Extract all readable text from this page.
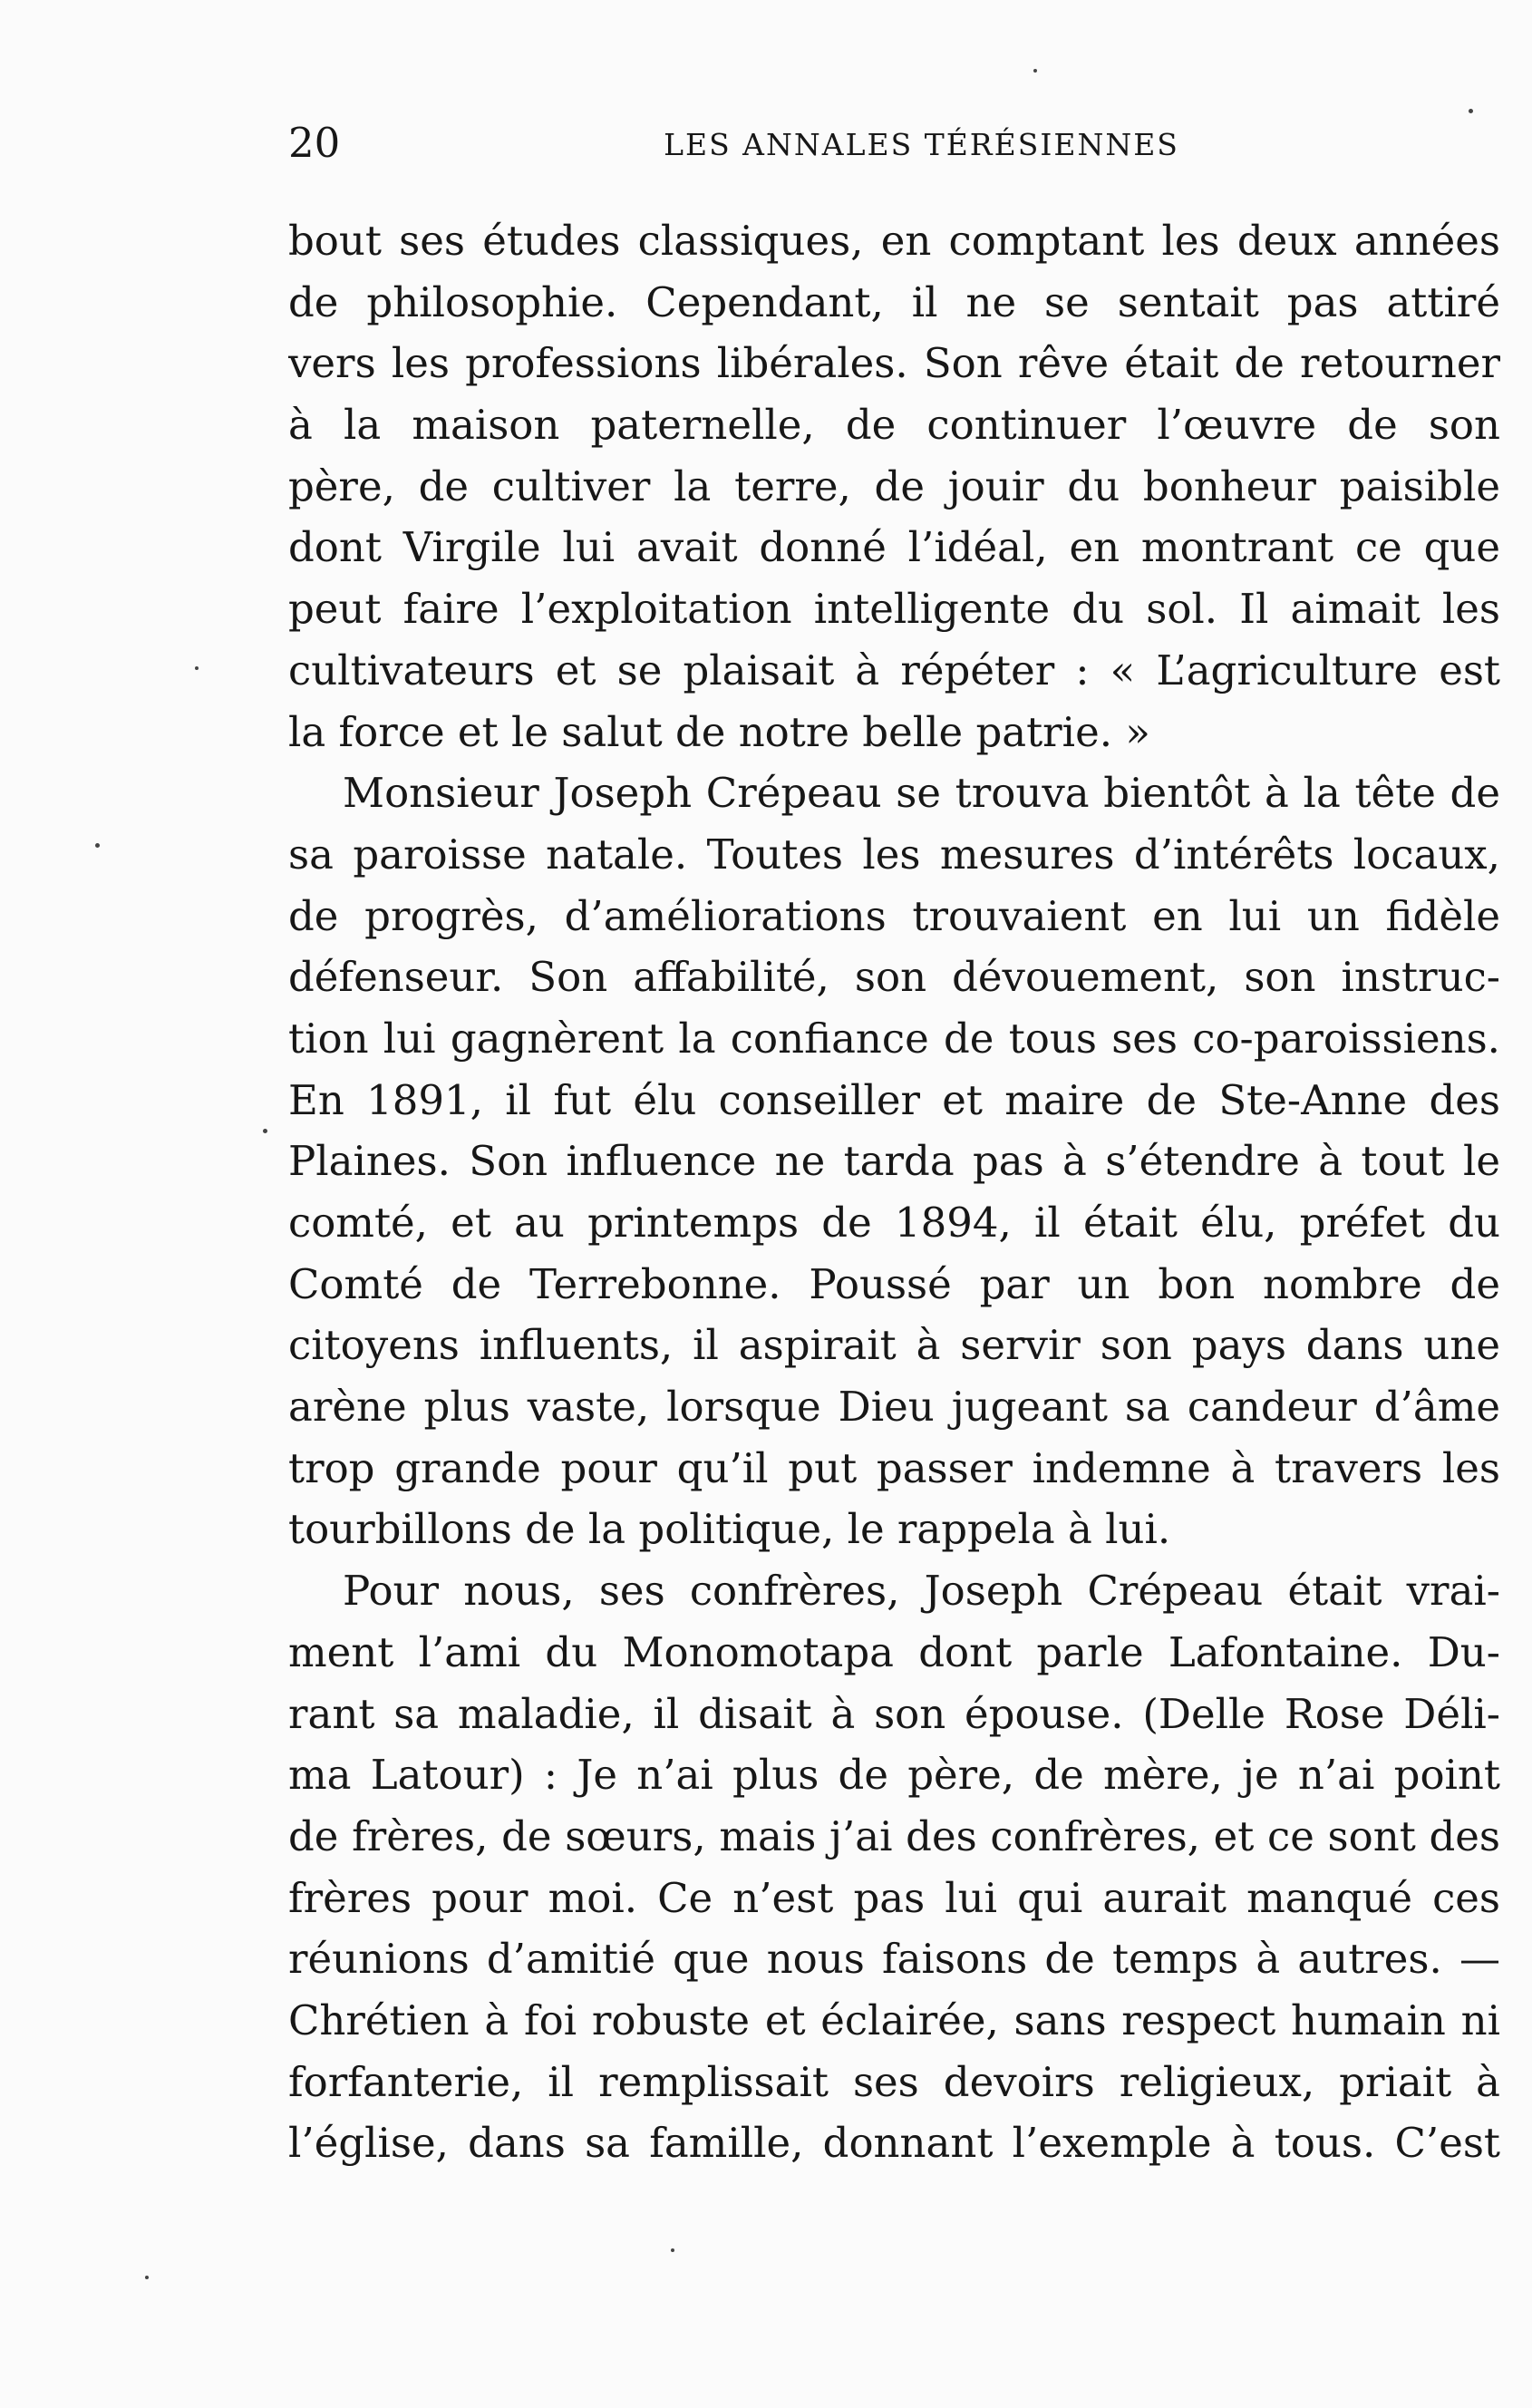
20	LES ANNALES TÉRÉSIENNES
bout ses études classiques, en comptant les deux années
de philosophie. Cependant, il ne se sentait pas attiré
vers les professions libérales. Son rêve était de retourner
à la maison paternelle, de continuer l’œuvre de son
père, de cultiver la terre, de jouir du bonheur paisible
dont Virgile lui avait donné l’idéal, en montrant ce que
peut faire l’exploitation intelligente du sol. Il aimait les
cultivateurs et se plaisait à répéter : « L’agriculture est
la force et le salut de notre belle patrie. »
Monsieur Joseph Crépeau se trouva bientôt à la tête de
sa paroisse natale. Toutes les mesures d’intérêts locaux,
de progrès, d’améliorations trouvaient en lui un fidèle
défenseur. Son affabilité, son dévouement, son instruc-
tion lui gagnèrent la confiance de tous ses co-paroissiens.
En 1891, il fut élu conseiller et maire de Ste-Anne des
Plaines. Son influence ne tarda pas à s’étendre à tout le
comté, et au printemps de 1894, il était élu, préfet du
Comté de Terrebonne. Poussé par un bon nombre de
citoyens influents, il aspirait à servir son pays dans une
arène plus vaste, lorsque Dieu jugeant sa candeur d’âme
trop grande pour qu’il put passer indemne à travers les
tourbillons de la politique, le rappela à lui.
Pour nous, ses confrères, Joseph Crépeau était vrai-
ment l’ami du Monomotapa dont parle Lafontaine. Du-
rant sa maladie, il disait à son épouse. (Delle Rose Déli-
ma Latour) : Je n’ai plus de père, de mère, je n’ai point
de frères, de sœurs, mais j’ai des confrères, et ce sont des
frères pour moi. Ce n’est pas lui qui aurait manqué ces
réunions d’amitié que nous faisons de temps à autres. —
Chrétien à foi robuste et éclairée, sans respect humain ni
forfanterie, il remplissait ses devoirs religieux, priait à
l’église, dans sa famille, donnant l’exemple à tous. C’est
